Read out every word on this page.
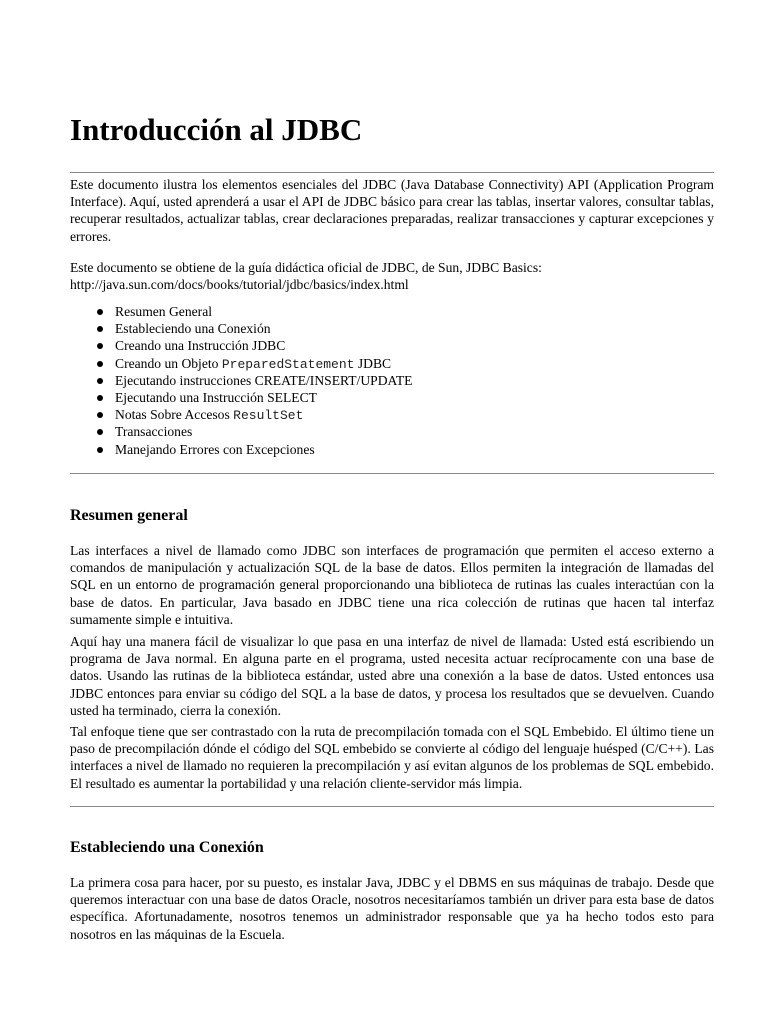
Introducción al JDBC

Este documento ilustra los elementos esenciales del JDBC (Java Database Connectivity) API (Application Program Interface). Aquí, usted aprenderá a usar el API de JDBC básico para crear las tablas, insertar valores, consultar tablas, recuperar resultados, actualizar tablas, crear declaraciones preparadas, realizar transacciones y capturar excepciones y errores.

Este documento se obtiene de la guía didáctica oficial de JDBC, de Sun, JDBC Basics:
http://java.sun.com/docs/books/tutorial/jdbc/basics/index.html

Resumen General
Estableciendo una Conexión
Creando una Instrucción JDBC
Creando un Objeto PreparedStatement JDBC
Ejecutando instrucciones CREATE/INSERT/UPDATE
Ejecutando una Instrucción SELECT
Notas Sobre Accesos ResultSet
Transacciones
Manejando Errores con Excepciones
Resumen general

Las interfaces a nivel de llamado como JDBC son interfaces de programación que permiten el acceso externo a comandos de manipulación y actualización SQL de la base de datos. Ellos permiten la integración de llamadas del SQL en un entorno de programación general proporcionando una biblioteca de rutinas las cuales interactúan con la base de datos. En particular, Java basado en JDBC tiene una rica colección de rutinas que hacen tal interfaz sumamente simple e intuitiva.

Aquí hay una manera fácil de visualizar lo que pasa en una interfaz de nivel de llamada: Usted está escribiendo un programa de Java normal. En alguna parte en el programa, usted necesita actuar recíprocamente con una base de datos. Usando las rutinas de la biblioteca estándar, usted abre una conexión a la base de datos. Usted entonces usa JDBC entonces para enviar su código del SQL a la base de datos, y procesa los resultados que se devuelven. Cuando usted ha terminado, cierra la conexión.

Tal enfoque tiene que ser contrastado con la ruta de precompilación tomada con el SQL Embebido. El último tiene un paso de precompilación dónde el código del SQL embebido se convierte al código del lenguaje huésped (C/C++). Las interfaces a nivel de llamado no requieren la precompilación y así evitan algunos de los problemas de SQL embebido. El resultado es aumentar la portabilidad y una relación cliente-servidor más limpia.

Estableciendo una Conexión

La primera cosa para hacer, por su puesto, es instalar Java, JDBC y el DBMS en sus máquinas de trabajo. Desde que queremos interactuar con una base de datos Oracle, nosotros necesitaríamos también un driver para esta base de datos específica. Afortunadamente, nosotros tenemos un administrador responsable que ya ha hecho todos esto para nosotros en las máquinas de la Escuela.
